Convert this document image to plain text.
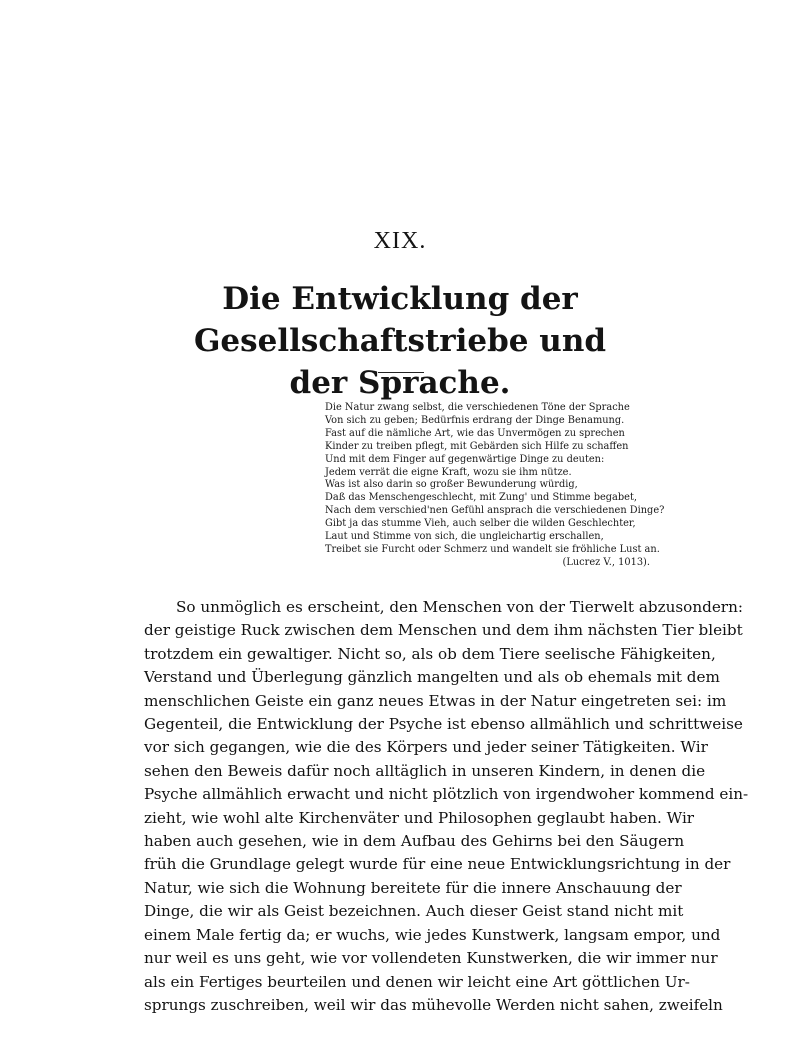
XIX.
Die Entwicklung der Gesellschaftstriebe und
der Sprache.
Die Natur zwang selbst, die verschiedenen Töne der Sprache
Von sich zu geben; Bedürfnis erdrang der Dinge Benamung.
Fast auf die nämliche Art, wie das Unvermögen zu sprechen
Kinder zu treiben pflegt, mit Gebärden sich Hilfe zu schaffen
Und mit dem Finger auf gegenwärtige Dinge zu deuten:
Jedem verrät die eigne Kraft, wozu sie ihm nütze.
Was ist also darin so großer Bewunderung würdig,
Daß das Menschengeschlecht, mit Zung' und Stimme begabet,
Nach dem verschied'nen Gefühl ansprach die verschiedenen Dinge?
Gibt ja das stumme Vieh, auch selber die wilden Geschlechter,
Laut und Stimme von sich, die ungleichartig erschallen,
Treibet sie Furcht oder Schmerz und wandelt sie fröhliche Lust an.
(Lucrez V., 1013).
So unmöglich es erscheint, den Menschen von der Tierwelt abzusondern:
der geistige Ruck zwischen dem Menschen und dem ihm nächsten Tier bleibt
trotzdem ein gewaltiger. Nicht so, als ob dem Tiere seelische Fähigkeiten,
Verstand und Überlegung gänzlich mangelten und als ob ehemals mit dem
menschlichen Geiste ein ganz neues Etwas in der Natur eingetreten sei: im
Gegenteil, die Entwicklung der Psyche ist ebenso allmählich und schrittweise
vor sich gegangen, wie die des Körpers und jeder seiner Tätigkeiten. Wir
sehen den Beweis dafür noch alltäglich in unseren Kindern, in denen die
Psyche allmählich erwacht und nicht plötzlich von irgendwoher kommend ein-
zieht, wie wohl alte Kirchenväter und Philosophen geglaubt haben. Wir
haben auch gesehen, wie in dem Aufbau des Gehirns bei den Säugern
früh die Grundlage gelegt wurde für eine neue Entwicklungsrichtung in der
Natur, wie sich die Wohnung bereitete für die innere Anschauung der
Dinge, die wir als Geist bezeichnen. Auch dieser Geist stand nicht mit
einem Male fertig da; er wuchs, wie jedes Kunstwerk, langsam empor, und
nur weil es uns geht, wie vor vollendeten Kunstwerken, die wir immer nur
als ein Fertiges beurteilen und denen wir leicht eine Art göttlichen Ur-
sprungs zuschreiben, weil wir das mühevolle Werden nicht sahen, zweifeln
